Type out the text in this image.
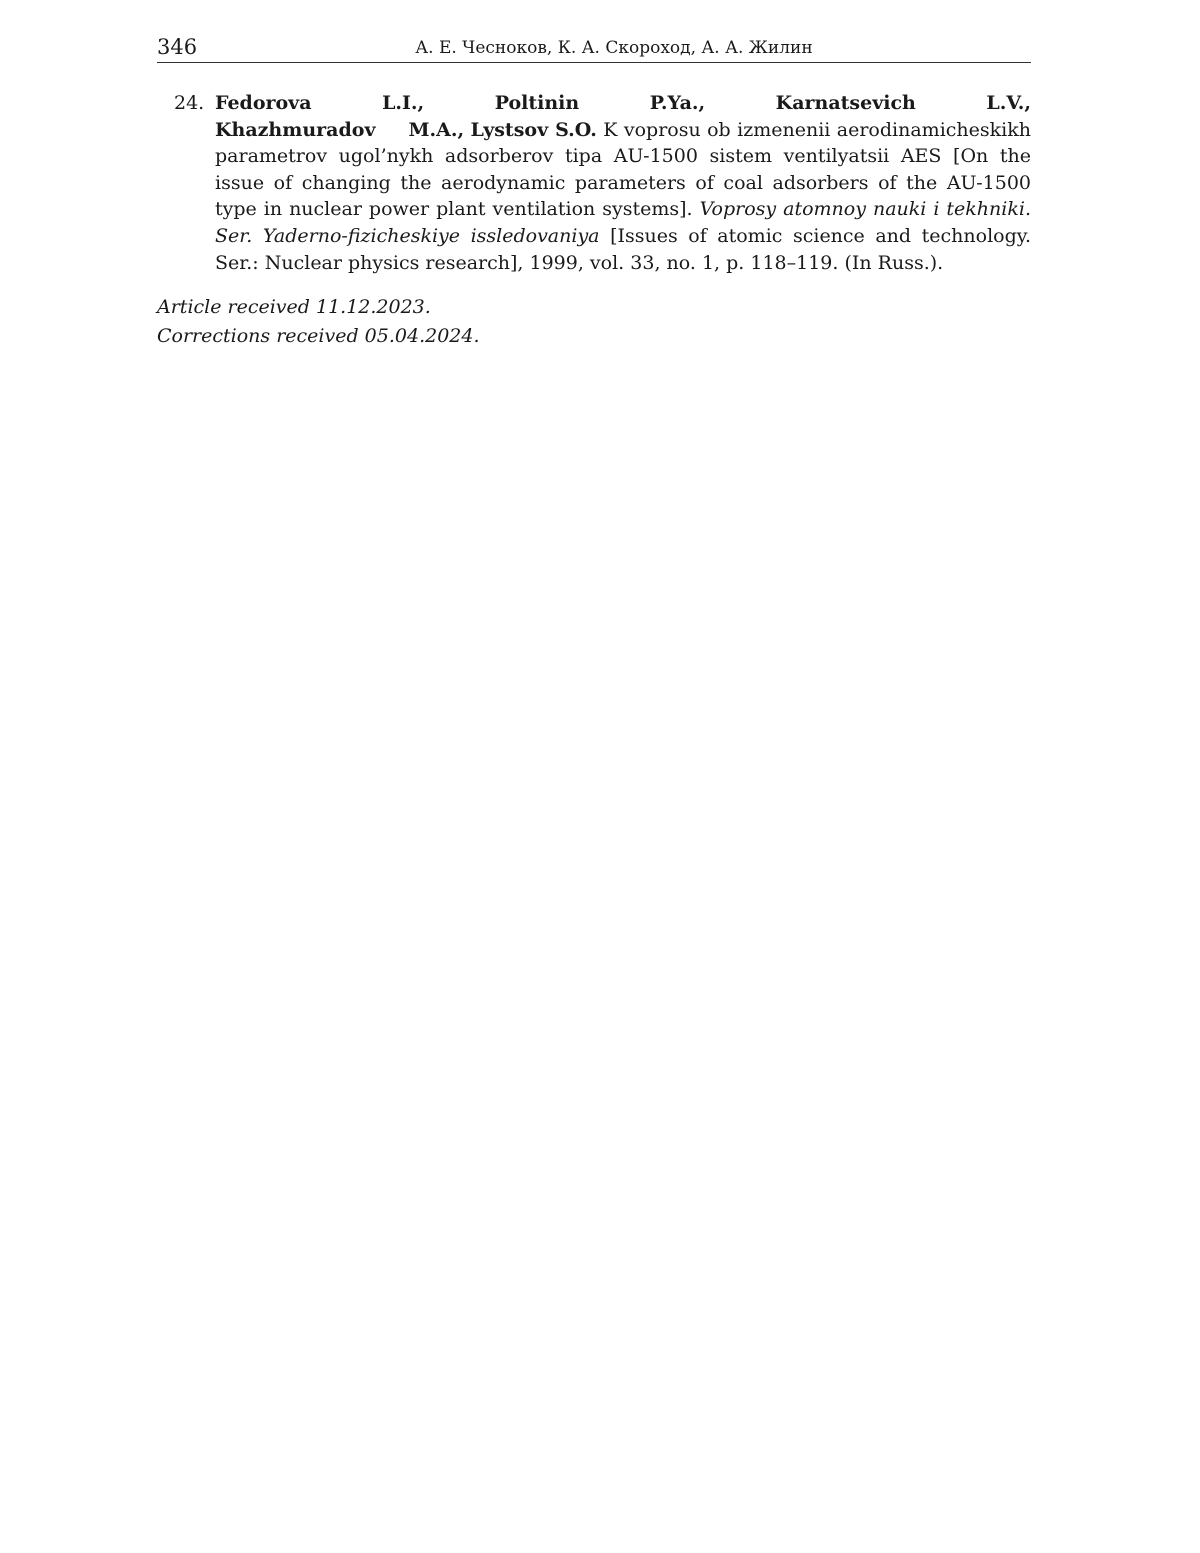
346	А. Е. Чесноков, К. А. Скороход, А. А. Жилин
24. Fedorova L.I., Poltinin P.Ya., Karnatsevich L.V., Khazhmuradov M.A., Lystsov S.O. K voprosu ob izmenenii aerodinamicheskikh parametrov ugol’nykh adsorberov tipa AU-1500 sistem ventilyatsii AES [On the issue of changing the aerodynamic parameters of coal adsorbers of the AU-1500 type in nuclear power plant ventilation systems]. Voprosy atomnoy nauki i tekhniki. Ser. Yaderno-fizicheskiye issledovaniya [Issues of atomic science and technology. Ser.: Nuclear physics research], 1999, vol. 33, no. 1, p. 118–119. (In Russ.).
Article received 11.12.2023.
Corrections received 05.04.2024.
